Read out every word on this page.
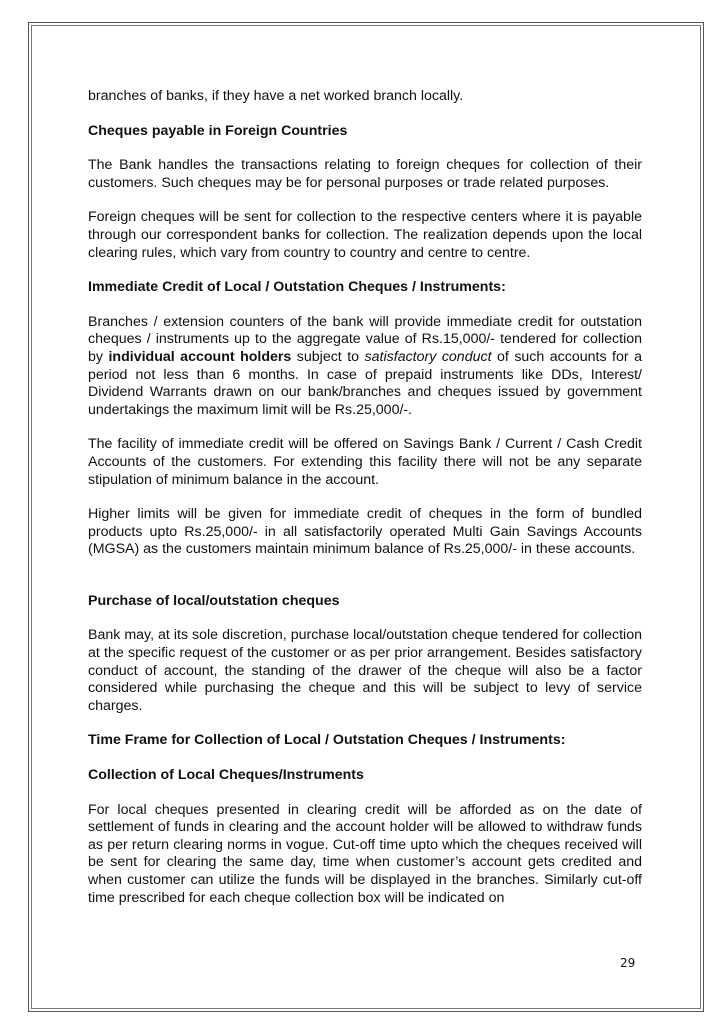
branches of banks, if they have a net worked branch locally.

Cheques payable in Foreign Countries

The Bank handles the transactions relating to foreign cheques for collection of their customers. Such cheques may be for personal purposes or trade related purposes.

Foreign cheques will be sent for collection to the respective centers where it is payable through our correspondent banks for collection. The realization depends upon the local clearing rules, which vary from country to country and centre to centre.

Immediate Credit of Local / Outstation Cheques / Instruments:

Branches / extension counters of the bank will provide immediate credit for outstation cheques / instruments up to the aggregate value of Rs.15,000/- tendered for collection by individual account holders subject to satisfactory conduct of such accounts for a period not less than 6 months. In case of prepaid instruments like DDs, Interest/ Dividend Warrants drawn on our bank/branches and cheques issued by government undertakings the maximum limit will be Rs.25,000/-.

The facility of immediate credit will be offered on Savings Bank / Current / Cash Credit Accounts of the customers. For extending this facility there will not be any separate stipulation of minimum balance in the account.

Higher limits will be given for immediate credit of cheques in the form of bundled products upto Rs.25,000/- in all satisfactorily operated Multi Gain Savings Accounts (MGSA) as the customers maintain minimum balance of Rs.25,000/- in these accounts.

Purchase of local/outstation cheques

Bank may, at its sole discretion, purchase local/outstation cheque tendered for collection at the specific request of the customer or as per prior arrangement. Besides satisfactory conduct of account, the standing of the drawer of the cheque will also be a factor considered while purchasing the cheque and this will be subject to levy of service charges.

Time Frame for Collection of Local / Outstation Cheques / Instruments:
Collection of Local Cheques/Instruments

For local cheques presented in clearing credit will be afforded as on the date of settlement of funds in clearing and the account holder will be allowed to withdraw funds as per return clearing norms in vogue. Cut-off time upto which the cheques received will be sent for clearing the same day, time when customer’s account gets credited and when customer can utilize the funds will be displayed in the branches. Similarly cut-off time prescribed for each cheque collection box will be indicated on

29
